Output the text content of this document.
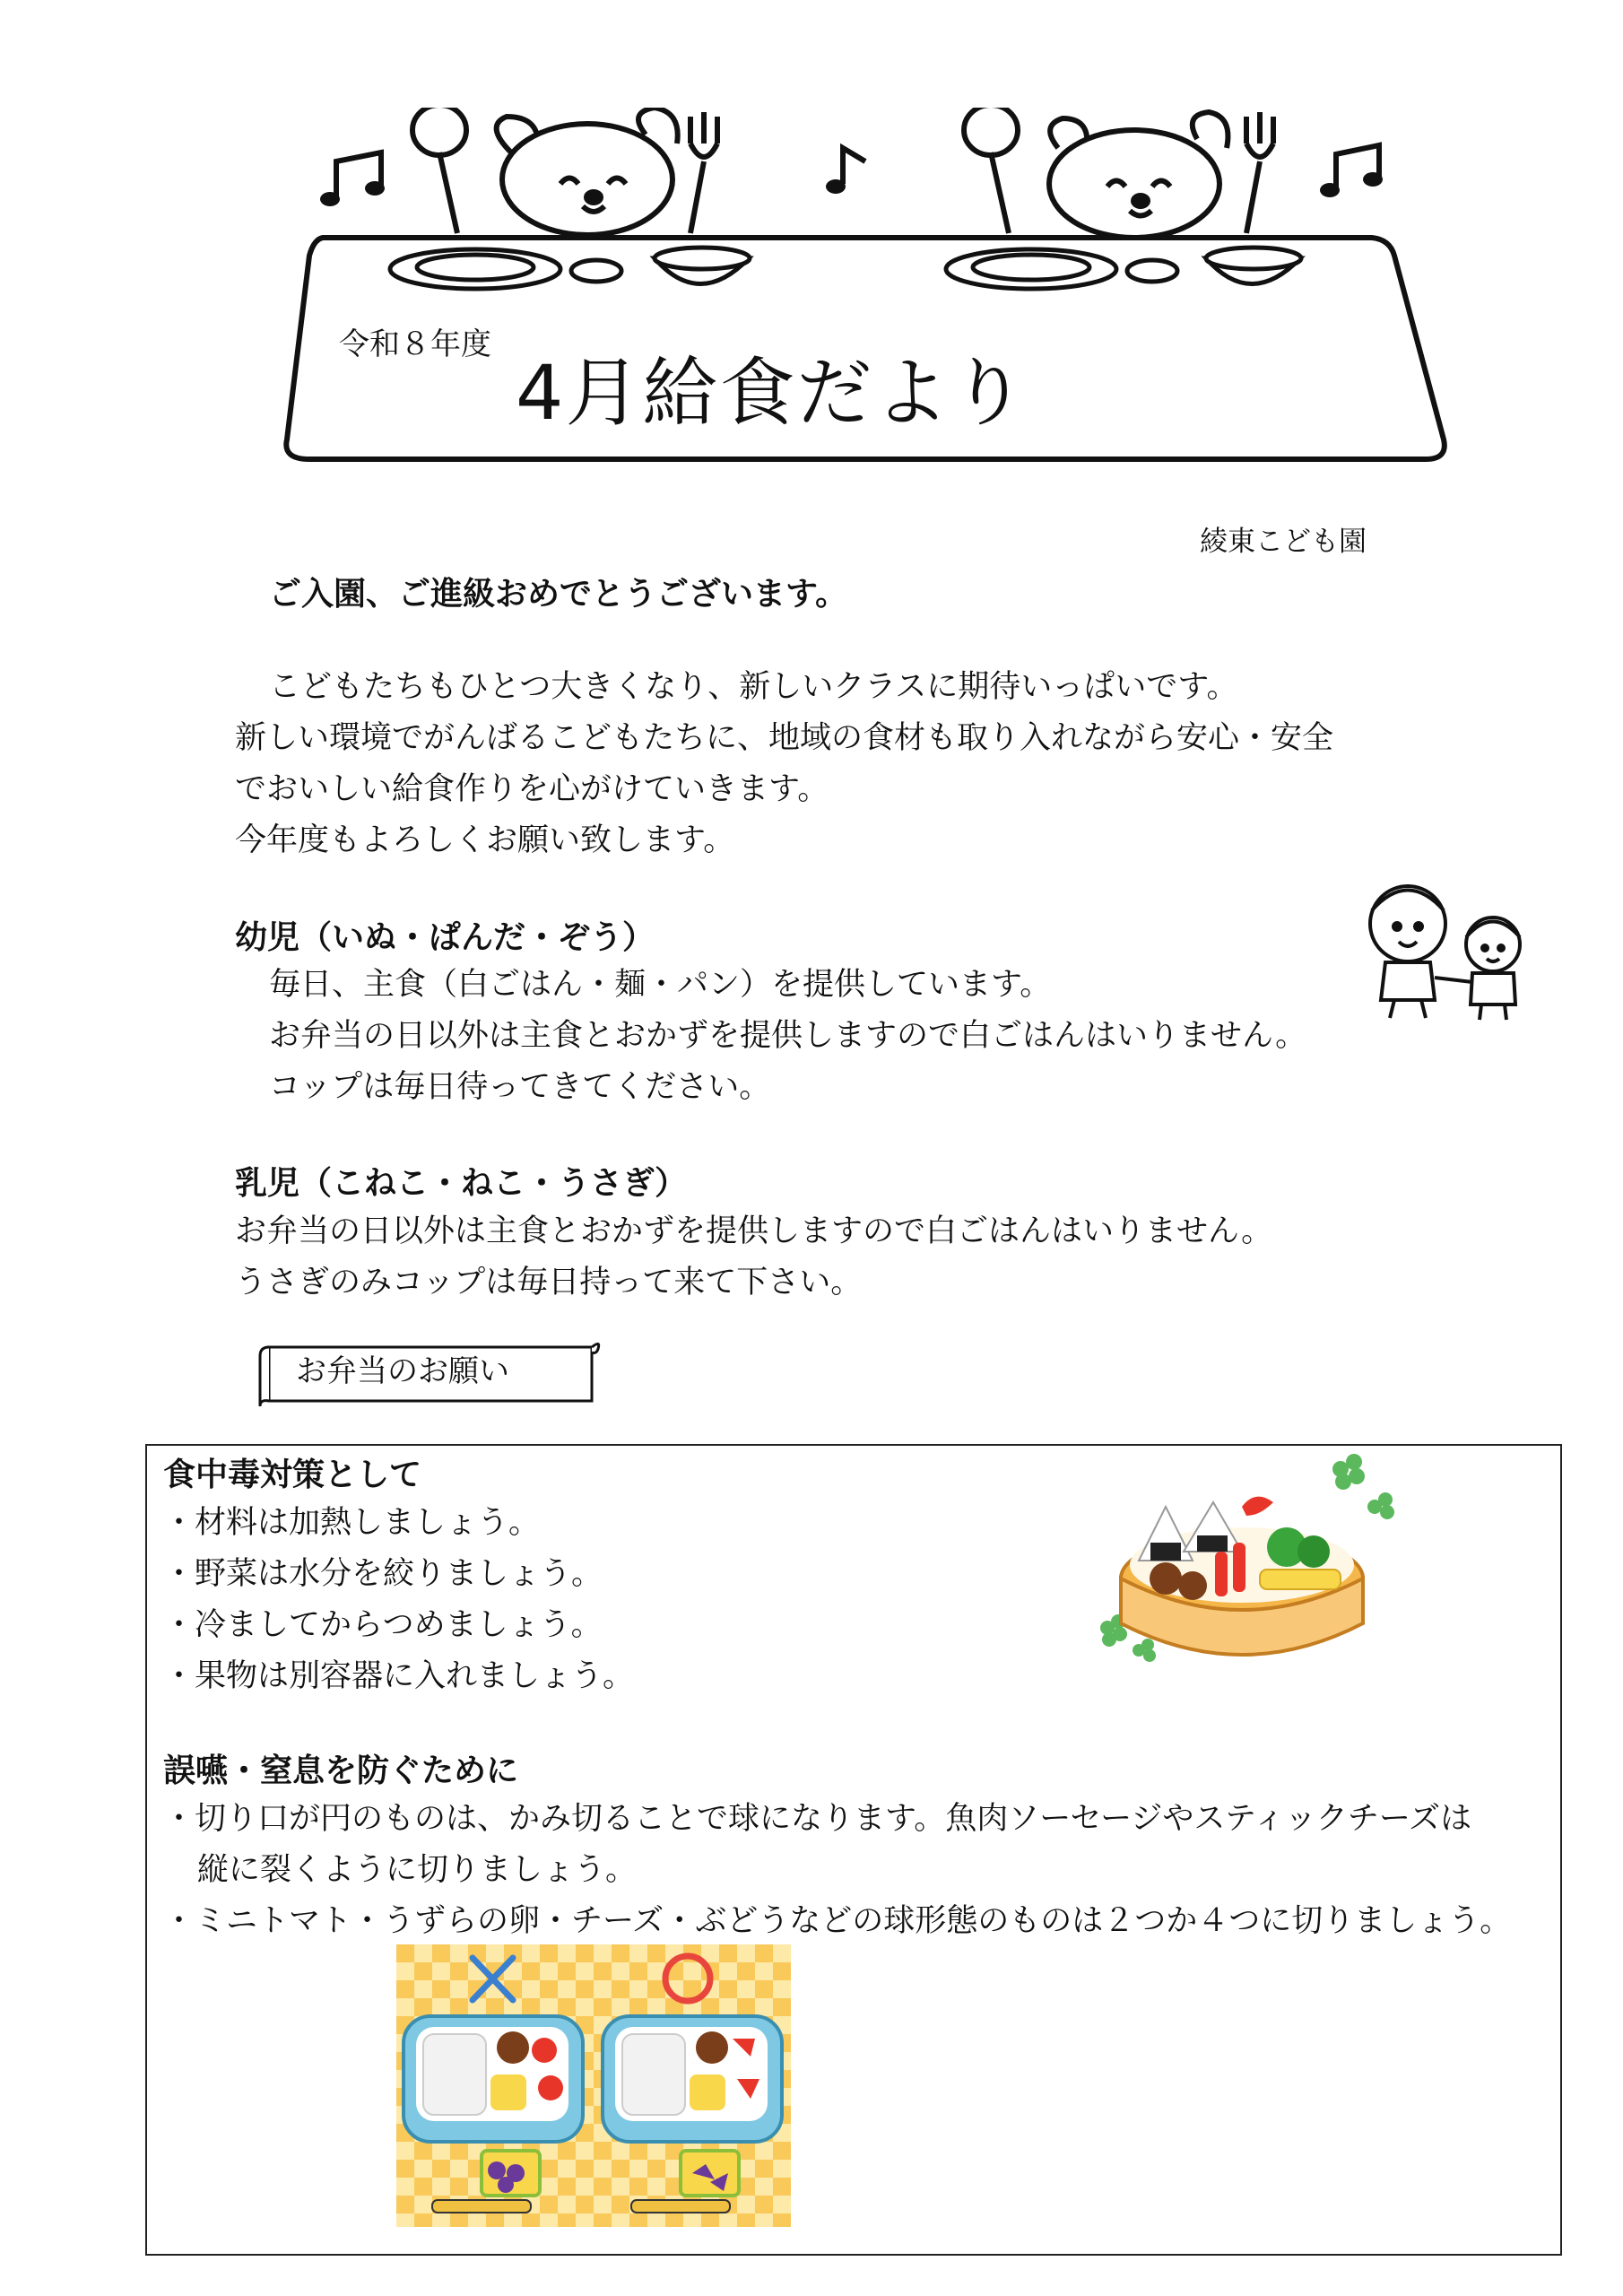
令和８年度
4月給食だより
綾東こども園
ご入園、ご進級おめでとうございます。
こどもたちもひとつ大きくなり、新しいクラスに期待いっぱいです。
新しい環境でがんばるこどもたちに、地域の食材も取り入れながら安心・安全
でおいしい給食作りを心がけていきます。
今年度もよろしくお願い致します。
幼児（いぬ・ぱんだ・ぞう）
毎日、主食（白ごはん・麺・パン）を提供しています。
お弁当の日以外は主食とおかずを提供しますので白ごはんはいりません。
コップは毎日待ってきてください。
乳児（こねこ・ねこ・うさぎ）
お弁当の日以外は主食とおかずを提供しますので白ごはんはいりません。
うさぎのみコップは毎日持って来て下さい。
お弁当のお願い
食中毒対策として
・材料は加熱しましょう。
・野菜は水分を絞りましょう。
・冷ましてからつめましょう。
・果物は別容器に入れましょう。
誤嚥・窒息を防ぐために
・切り口が円のものは、かみ切ることで球になります。魚肉ソーセージやスティックチーズは
縦に裂くように切りましょう。
・ミニトマト・うずらの卵・チーズ・ぶどうなどの球形態のものは２つか４つに切りましょう。
